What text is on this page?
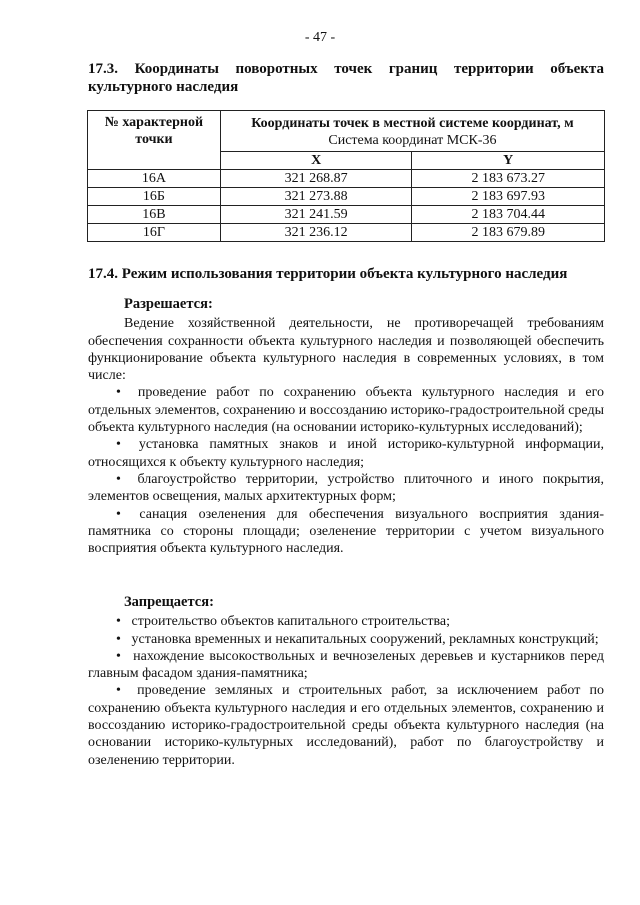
- 47 -
17.3. Координаты поворотных точек границ территории объекта
культурного наследия
№ характерной точки	Координаты точек в местной системе координат, м
Система координат МСК-36	

	X	Y
16А	321 268.87	2 183 673.27
16Б	321 273.88	2 183 697.93
16В	321 241.59	2 183 704.44
16Г	321 236.12	2 183 679.89
17.4. Режим использования территории объекта культурного наследия
Разрешается:

Ведение хозяйственной деятельности, не противоречащей требованиям обеспечения сохранности объекта культурного наследия и позволяющей обеспечить функционирование объекта культурного наследия в современных условиях, в том числе:

• проведение работ по сохранению объекта культурного наследия и его отдельных элементов, сохранению и воссозданию историко-градостроительной среды объекта культурного наследия (на основании историко-культурных исследований);

• установка памятных знаков и иной историко-культурной информации, относящихся к объекту культурного наследия;

• благоустройство территории, устройство плиточного и иного покрытия, элементов освещения, малых архитектурных форм;

• санация озеленения для обеспечения визуального восприятия здания-памятника со стороны площади; озеленение территории с учетом визуального восприятия объекта культурного наследия.

Запрещается:

• строительство объектов капитального строительства;

• установка временных и некапитальных сооружений, рекламных конструкций;

• нахождение высокоствольных и вечнозеленых деревьев и кустарников перед главным фасадом здания-памятника;

• проведение земляных и строительных работ, за исключением работ по сохранению объекта культурного наследия и его отдельных элементов, сохранению и воссозданию историко-градостроительной среды объекта культурного наследия (на основании историко-культурных исследований), работ по благоустройству и озеленению территории.
